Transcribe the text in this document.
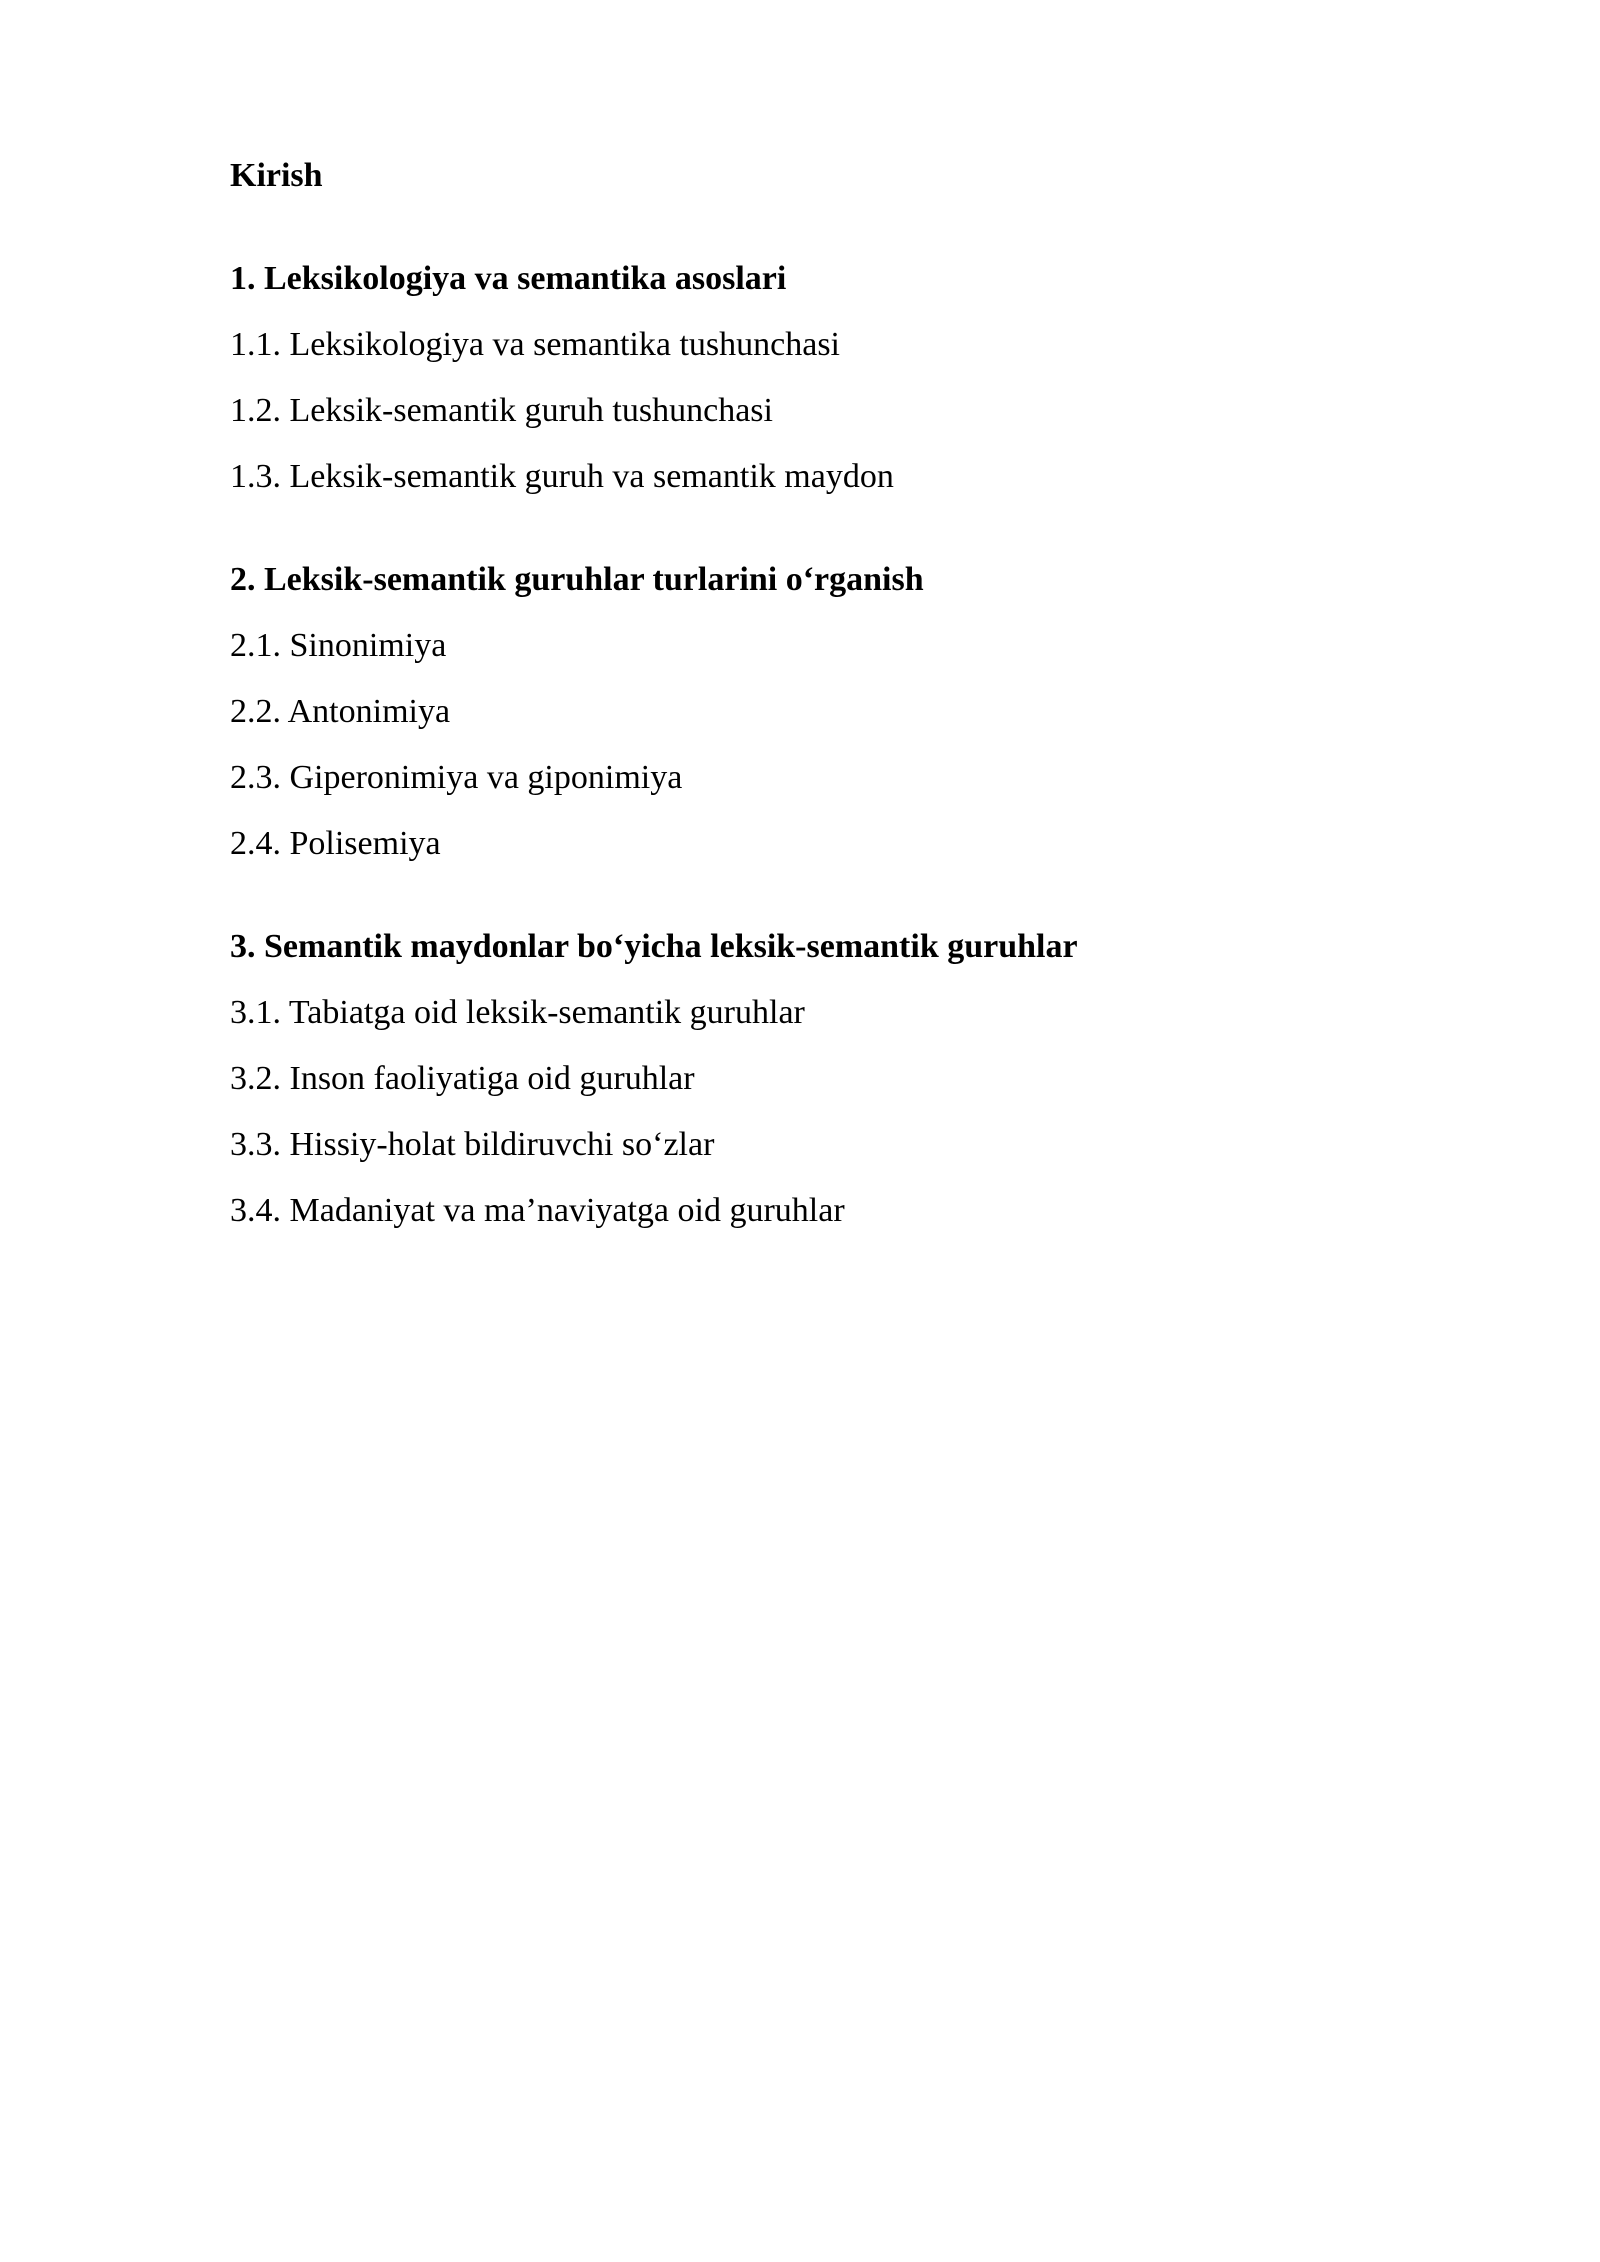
Kirish
1. Leksikologiya va semantika asoslari
1.1. Leksikologiya va semantika tushunchasi
1.2. Leksik-semantik guruh tushunchasi
1.3. Leksik-semantik guruh va semantik maydon
2. Leksik-semantik guruhlar turlarini o‘rganish
2.1. Sinonimiya
2.2. Antonimiya
2.3. Giperonimiya va giponimiya
2.4. Polisemiya
3. Semantik maydonlar bo‘yicha leksik-semantik guruhlar
3.1. Tabiatga oid leksik-semantik guruhlar
3.2. Inson faoliyatiga oid guruhlar
3.3. Hissiy-holat bildiruvchi so‘zlar
3.4. Madaniyat va ma’naviyatga oid guruhlar
